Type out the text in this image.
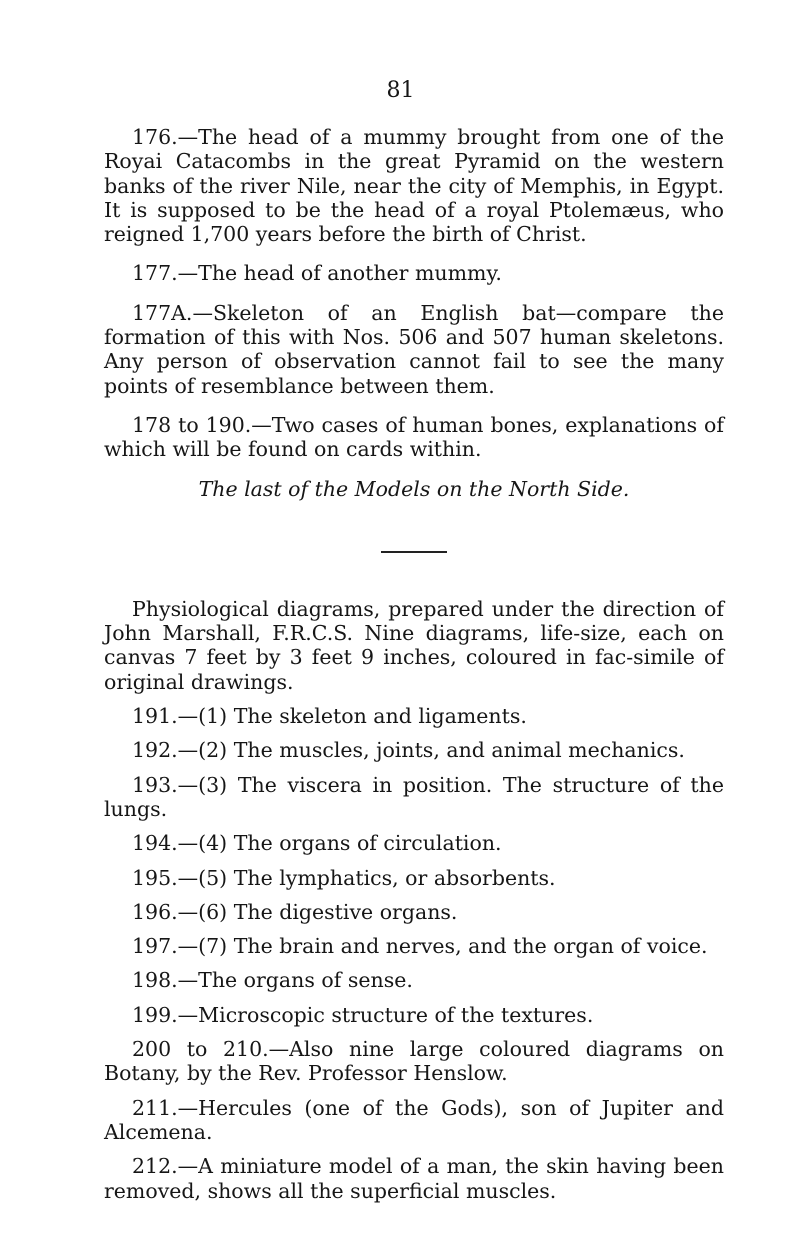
81

176.—The head of a mummy brought from one of the Royai Catacombs in the great Pyramid on the western banks of the river Nile, near the city of Memphis, in Egypt. It is supposed to be the head of a royal Ptolemæus, who reigned 1,700 years before the birth of Christ.

177.—The head of another mummy.

177A.—Skeleton of an English bat—compare the formation of this with Nos. 506 and 507 human skeletons. Any person of observation cannot fail to see the many points of resemblance between them.

178 to 190.—Two cases of human bones, explanations of which will be found on cards within.

The last of the Models on the North Side.

Physiological diagrams, prepared under the direction of John Marshall, F.R.C.S. Nine diagrams, life-size, each on canvas 7 feet by 3 feet 9 inches, coloured in fac-simile of original drawings.

191.—(1) The skeleton and ligaments.

192.—(2) The muscles, joints, and animal mechanics.

193.—(3) The viscera in position. The structure of the lungs.

194.—(4) The organs of circulation.

195.—(5) The lymphatics, or absorbents.

196.—(6) The digestive organs.

197.—(7) The brain and nerves, and the organ of voice.

198.—The organs of sense.

199.—Microscopic structure of the textures.

200 to 210.—Also nine large coloured diagrams on Botany, by the Rev. Professor Henslow.

211.—Hercules (one of the Gods), son of Jupiter and Alcemena.

212.—A miniature model of a man, the skin having been removed, shows all the superficial muscles.
